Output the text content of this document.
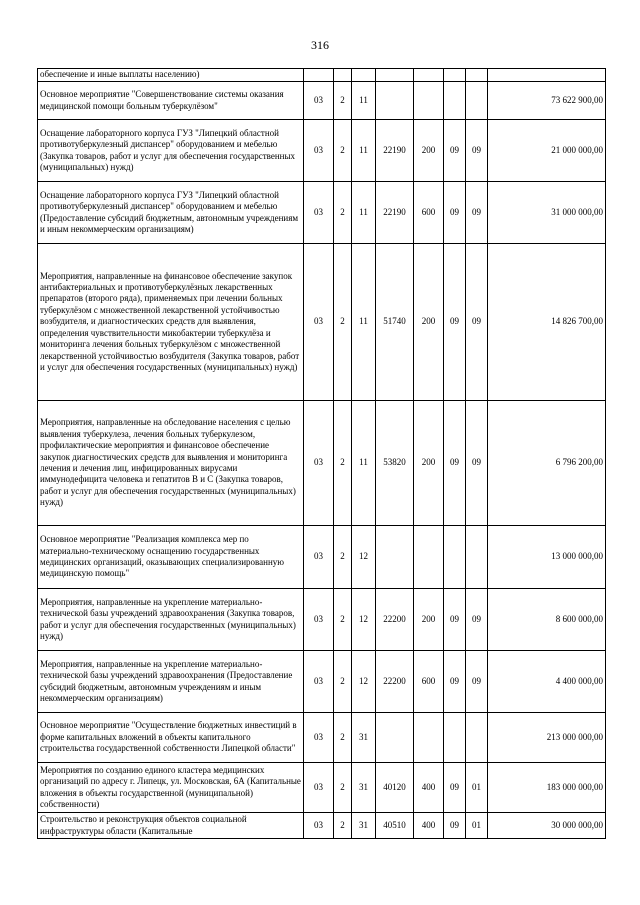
316
обеспечение и иные выплаты населению)								
Основное мероприятие "Совершенствование системы оказания медицинской помощи больным туберкулёзом"	03	2	11					73 622 900,00
Оснащение лабораторного корпуса ГУЗ "Липецкий областной противотуберкулезный диспансер" оборудованием и мебелью (Закупка товаров, работ и услуг для обеспечения государственных (муниципальных) нужд)	03	2	11	22190	200	09	09	21 000 000,00
Оснащение лабораторного корпуса ГУЗ "Липецкий областной противотуберкулезный диспансер" оборудованием и мебелью (Предоставление субсидий бюджетным, автономным учреждениям и иным некоммерческим организациям)	03	2	11	22190	600	09	09	31 000 000,00
Мероприятия, направленные на финансовое обеспечение закупок антибактериальных и противотуберкулёзных лекарственных препаратов (второго ряда), применяемых при лечении больных туберкулёзом с множественной лекарственной устойчивостью возбудителя, и диагностических средств для выявления, определения чувствительности микобактерии туберкулёза и мониторинга лечения больных туберкулёзом с множественной лекарственной устойчивостью возбудителя (Закупка товаров, работ и услуг для обеспечения государственных (муниципальных) нужд)	03	2	11	51740	200	09	09	14 826 700,00
Мероприятия, направленные на обследование населения с целью выявления туберкулеза, лечения больных туберкулезом, профилактические мероприятия и финансовое обеспечение закупок диагностических средств для выявления и мониторинга лечения и лечения лиц, инфицированных вирусами иммунодефицита человека и гепатитов В и С (Закупка товаров, работ и услуг для обеспечения государственных (муниципальных) нужд)	03	2	11	53820	200	09	09	6 796 200,00
Основное мероприятие "Реализация комплекса мер по материально-техническому оснащению государственных медицинских организаций, оказывающих специализированную медицинскую помощь"	03	2	12					13 000 000,00
Мероприятия, направленные на укрепление материально-технической базы учреждений здравоохранения (Закупка товаров, работ и услуг для обеспечения государственных (муниципальных) нужд)	03	2	12	22200	200	09	09	8 600 000,00
Мероприятия, направленные на укрепление материально-технической базы учреждений здравоохранения (Предоставление субсидий бюджетным, автономным учреждениям и иным некоммерческим организациям)	03	2	12	22200	600	09	09	4 400 000,00
Основное мероприятие "Осуществление бюджетных инвестиций в форме капитальных вложений в объекты капитального строительства государственной собственности Липецкой области"	03	2	31					213 000 000,00
Мероприятия по созданию единого кластера медицинских организаций по адресу г. Липецк, ул. Московская, 6А (Капитальные вложения в объекты государственной (муниципальной) собственности)	03	2	31	40120	400	09	01	183 000 000,00
Строительство и реконструкция объектов социальной инфраструктуры области (Капитальные	03	2	31	40510	400	09	01	30 000 000,00
